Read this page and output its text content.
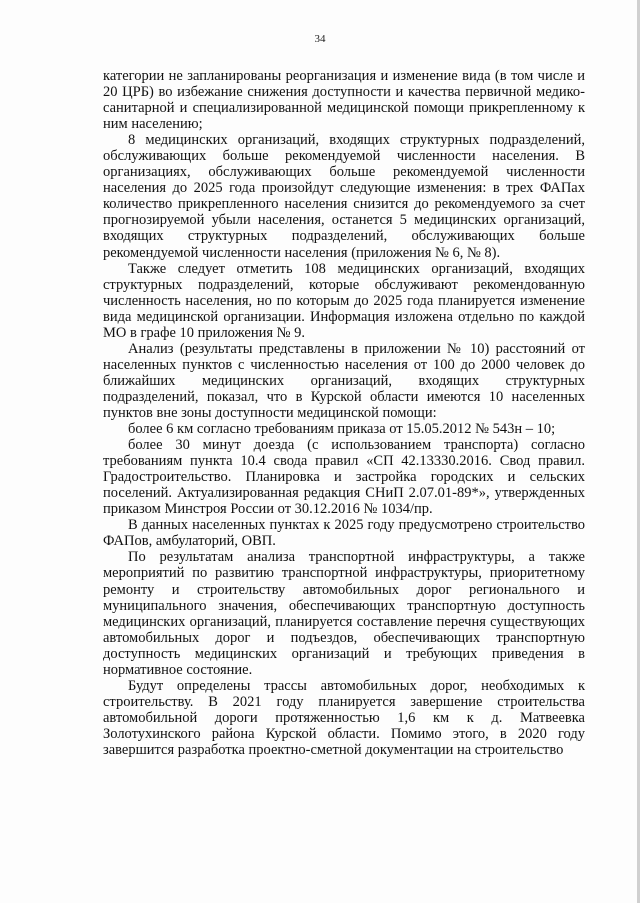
34

категории не запланированы реорганизация и изменение вида (в том числе и 20 ЦРБ) во избежание снижения доступности и качества первичной медико-санитарной и специализированной медицинской помощи прикрепленному к ним населению;

8 медицинских организаций, входящих структурных подразделений, обслуживающих больше рекомендуемой численности населения. В организациях, обслуживающих больше рекомендуемой численности населения до 2025 года произойдут следующие изменения: в трех ФАПах количество прикрепленного населения снизится до рекомендуемого за счет прогнозируемой убыли населения, останется 5 медицинских организаций, входящих структурных подразделений, обслуживающих больше рекомендуемой численности населения (приложения № 6, № 8).

Также следует отметить 108 медицинских организаций, входящих структурных подразделений, которые обслуживают рекомендованную численность населения, но по которым до 2025 года планируется изменение вида медицинской организации. Информация изложена отдельно по каждой МО в графе 10 приложения № 9.

Анализ (результаты представлены в приложении № 10) расстояний от населенных пунктов с численностью населения от 100 до 2000 человек до ближайших медицинских организаций, входящих структурных подразделений, показал, что в Курской области имеются 10 населенных пунктов вне зоны доступности медицинской помощи:

более 6 км согласно требованиям приказа от 15.05.2012 № 543н – 10;

более 30 минут доезда (с использованием транспорта) согласно требованиям пункта 10.4 свода правил «СП 42.13330.2016. Свод правил. Градостроительство. Планировка и застройка городских и сельских поселений. Актуализированная редакция СНиП 2.07.01-89*», утвержденных приказом Минстроя России от 30.12.2016 № 1034/пр.

В данных населенных пунктах к 2025 году предусмотрено строительство ФАПов, амбулаторий, ОВП.

По результатам анализа транспортной инфраструктуры, а также мероприятий по развитию транспортной инфраструктуры, приоритетному ремонту и строительству автомобильных дорог регионального и муниципального значения, обеспечивающих транспортную доступность медицинских организаций, планируется составление перечня существующих автомобильных дорог и подъездов, обеспечивающих транспортную доступность медицинских организаций и требующих приведения в нормативное состояние.

Будут определены трассы автомобильных дорог, необходимых к строительству. В 2021 году планируется завершение строительства автомобильной дороги протяженностью 1,6 км к д. Матвеевка Золотухинского района Курской области. Помимо этого, в 2020 году завершится разработка проектно-сметной документации на строительство
